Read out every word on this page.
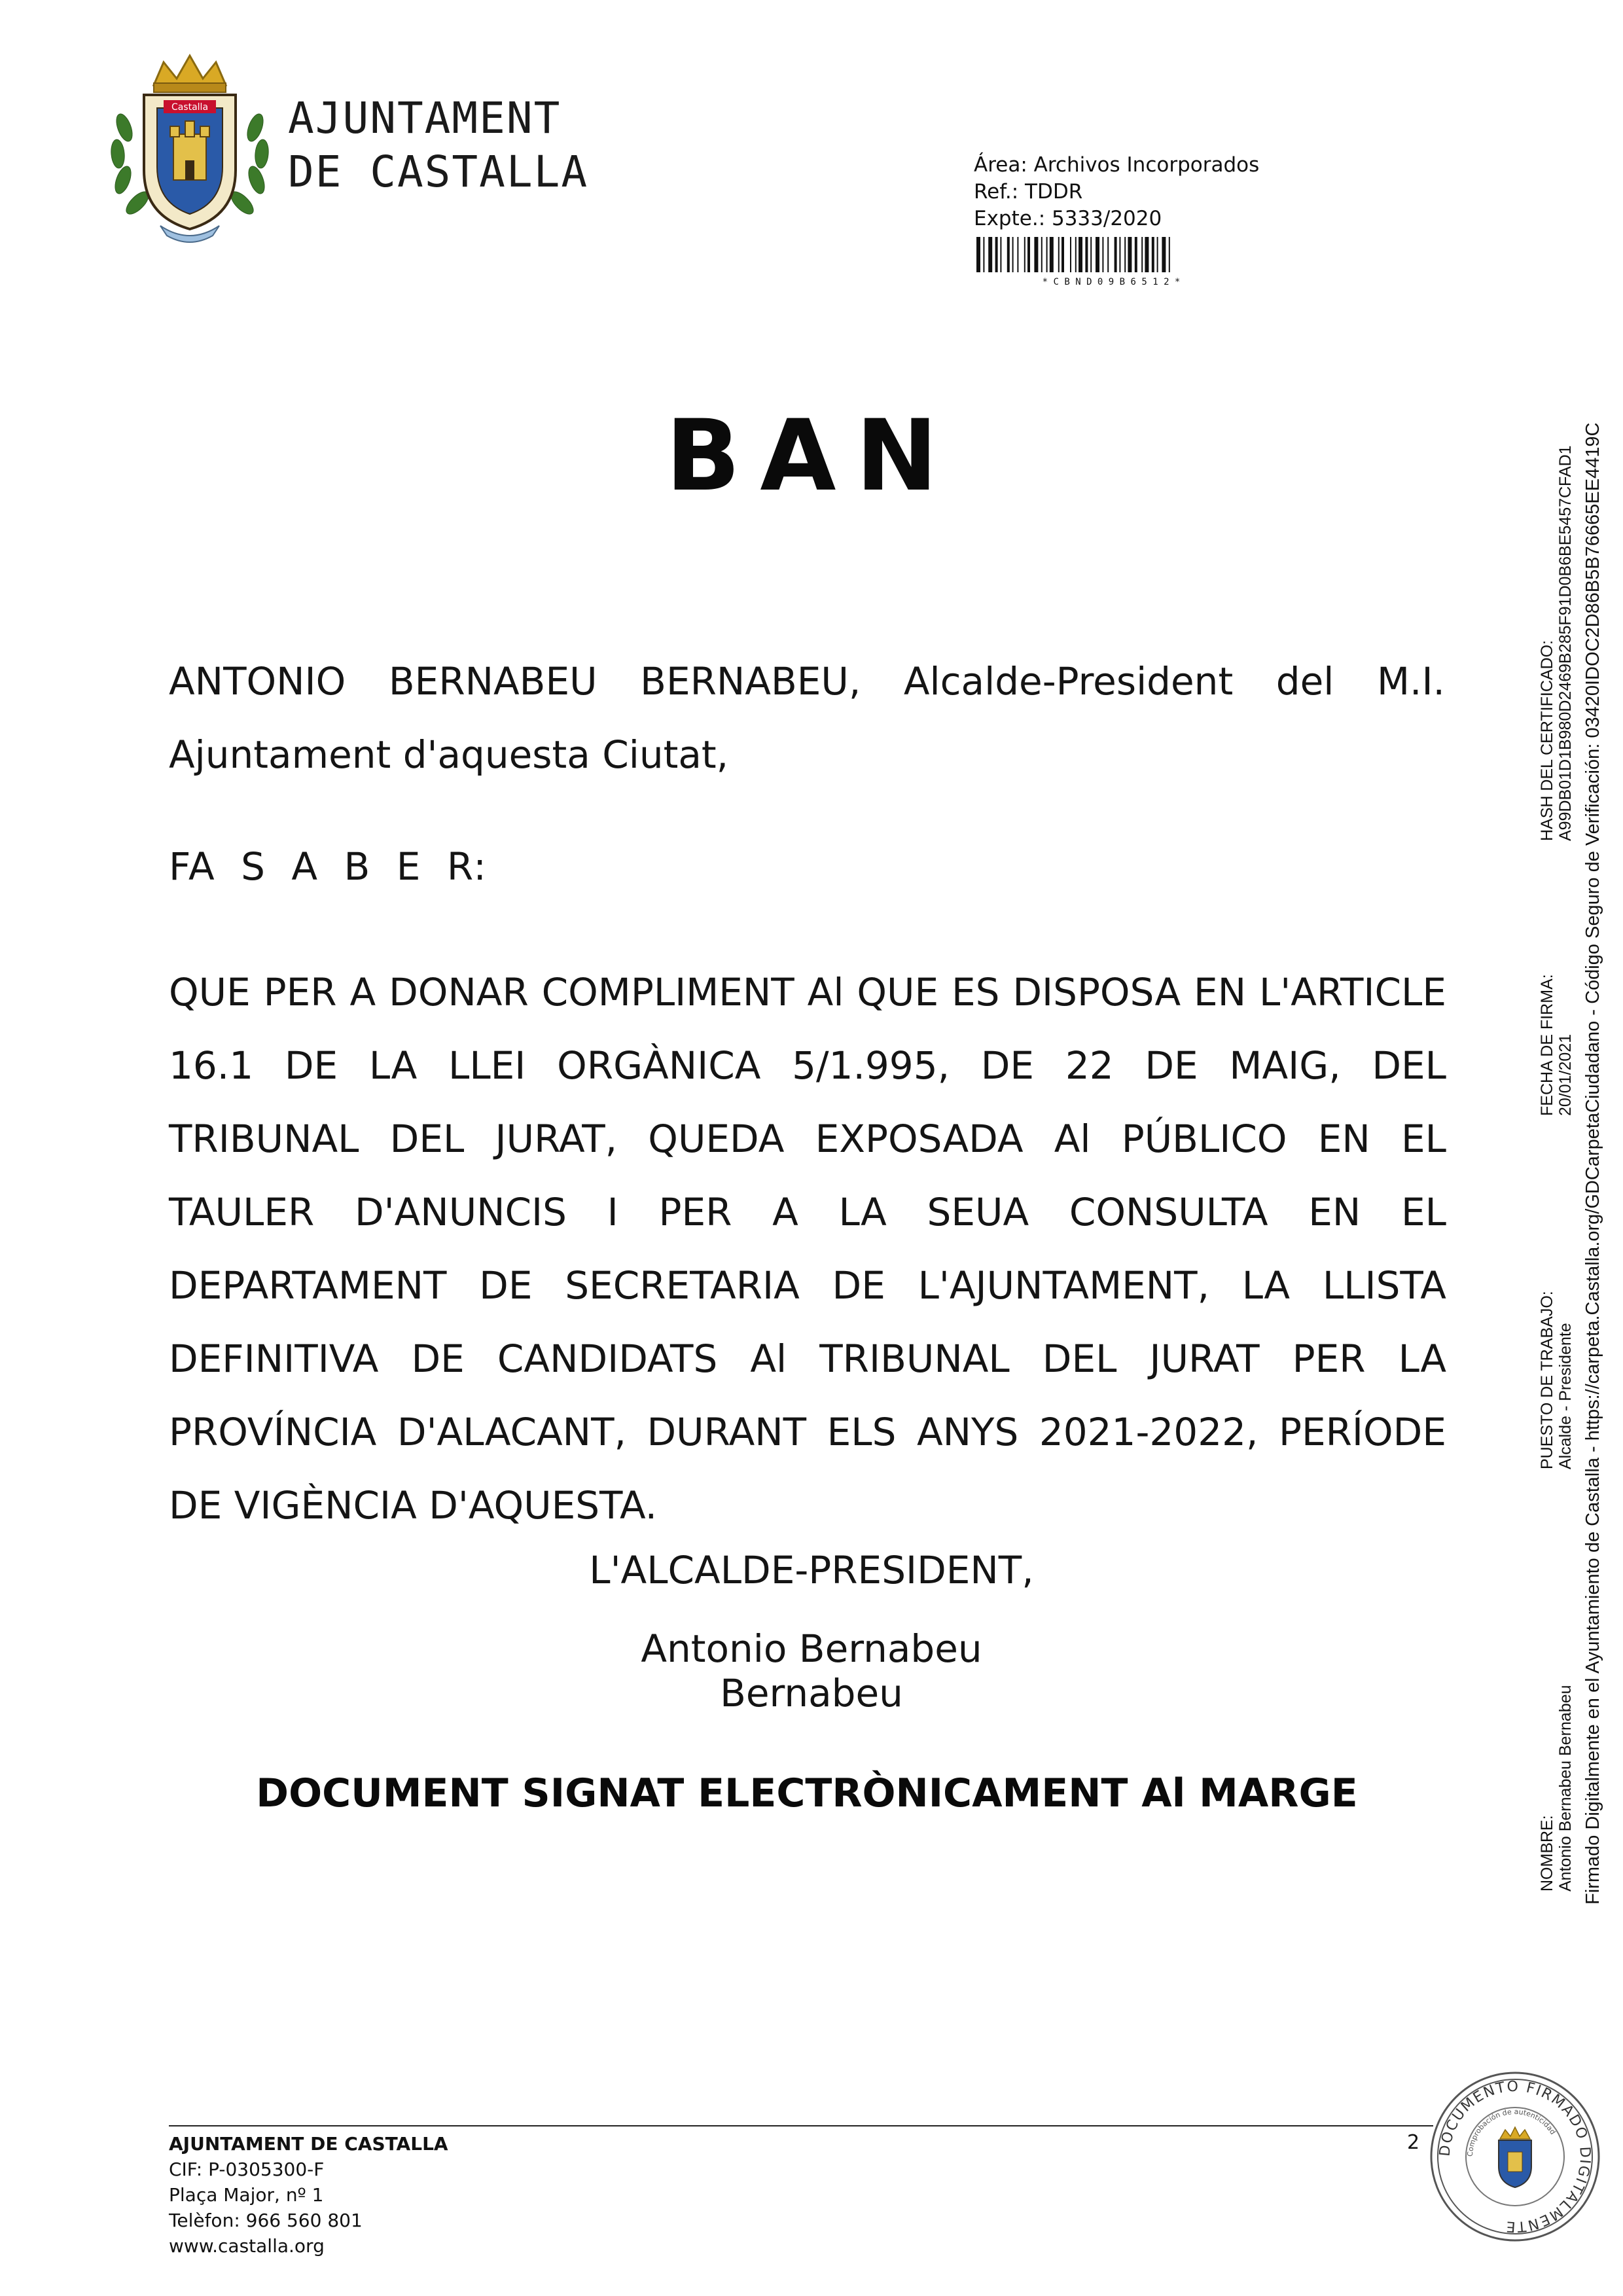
Castalla AJUNTAMENT
DE CASTALLA	Área: Archivos Incorporados
Ref.: TDDR
Expte.: 5333/2020
* C B N D 0 9 B 6 5 1 2 *
BAN
ANTONIO BERNABEU BERNABEU, Alcalde-President del M.I. Ajuntament d'aquesta Ciutat,
FA S A B E R:
QUE PER A DONAR COMPLIMENT Al QUE ES DISPOSA EN L'ARTICLE 16.1 DE LA LLEI ORGÀNICA 5/1.995, DE 22 DE MAIG, DEL TRIBUNAL DEL JURAT, QUEDA EXPOSADA Al PÚBLICO EN EL TAULER D'ANUNCIS I PER A LA SEUA CONSULTA EN EL DEPARTAMENT DE SECRETARIA DE L'AJUNTAMENT, LA LLISTA DEFINITIVA DE CANDIDATS Al TRIBUNAL DEL JURAT PER LA PROVÍNCIA D'ALACANT, DURANT ELS ANYS 2021-2022, PERÍODE DE VIGÈNCIA D'AQUESTA.
L'ALCALDE-PRESIDENT,
Antonio Bernabeu Bernabeu
DOCUMENT SIGNAT ELECTRÒNICAMENT Al MARGE
NOMBRE: Antonio Bernabeu Bernabeu
PUESTO DE TRABAJO: Alcalde - Presidente
FECHA DE FIRMA: 20/01/2021
HASH DEL CERTIFICADO: A99DB01D1B980D2469B285F91D0B6BE5457CFAD1 Firmado Digitalmente en el Ayuntamiento de Castalla - https://carpeta.Castalla.org/GDCarpetaCiudadano - Código Seguro de Verificación: 03420IDOC2D86B5B76665EE4419C
AJUNTAMENT DE CASTALLA
CIF: P-0305300-F
Plaça Major, nº 1
Telèfon: 966 560 801
www.castalla.org
2 DOCUMENTO FIRMADO DIGITALMENTE
Comprobación de autenticidad
